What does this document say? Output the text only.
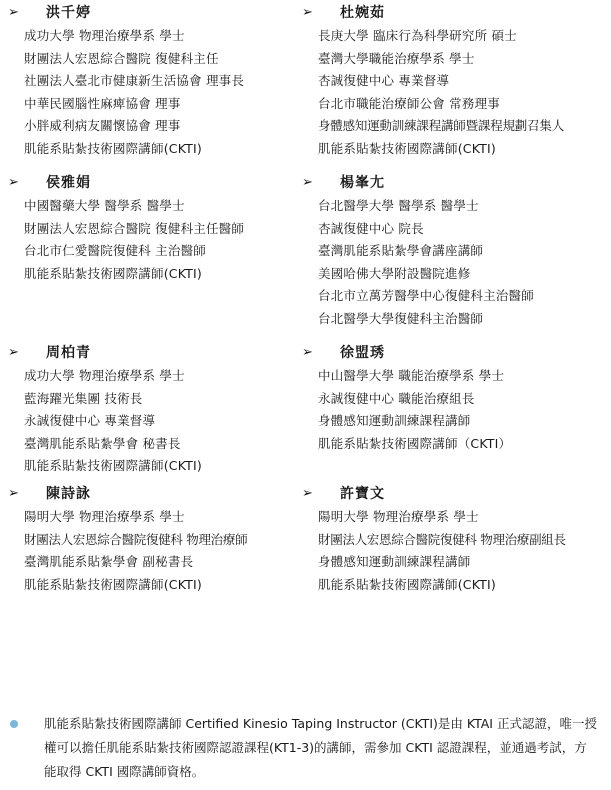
➢ 洪千婷
成功大學 物理治療學系 學士
財團法人宏恩綜合醫院 復健科主任
社團法人臺北市健康新生活協會 理事長
中華民國腦性麻痺協會 理事
小胖威利病友關懷協會 理事
肌能系貼紮技術國際講師(CKTI)
➢ 杜婉茹
長庚大學 臨床行為科學研究所 碩士
臺灣大學職能治療學系 學士
杏誠復健中心 專業督導
台北市職能治療師公會 常務理事
身體感知運動訓練課程講師暨課程規劃召集人
肌能系貼紮技術國際講師(CKTI)
➢ 侯雅娟
中國醫藥大學 醫學系 醫學士
財團法人宏恩綜合醫院 復健科主任醫師
台北市仁愛醫院復健科 主治醫師
肌能系貼紮技術國際講師(CKTI)
➢ 楊峯尢
台北醫學大學 醫學系 醫學士
杏誠復健中心 院長
臺灣肌能系貼紮學會講座講師
美國哈佛大學附設醫院進修
台北市立萬芳醫學中心復健科主治醫師
台北醫學大學復健科主治醫師
➢ 周柏青
成功大學 物理治療學系 學士
藍海躍光集團 技術長
永誠復健中心 專業督導
臺灣肌能系貼紮學會 秘書長
肌能系貼紮技術國際講師(CKTI)
➢ 徐盟琇
中山醫學大學 職能治療學系 學士
永誠復健中心 職能治療組長
身體感知運動訓練課程講師
肌能系貼紮技術國際講師（CKTI）
➢ 陳詩詠
陽明大學 物理治療學系 學士
財團法人宏恩綜合醫院復健科 物理治療師
臺灣肌能系貼紮學會 副秘書長
肌能系貼紮技術國際講師(CKTI)
➢ 許寶文
陽明大學 物理治療學系 學士
財團法人宏恩綜合醫院復健科 物理治療副組長
身體感知運動訓練課程講師
肌能系貼紮技術國際講師(CKTI)
肌能系貼紮技術國際講師 Certified Kinesio Taping Instructor (CKTI)是由 KTAI 正式認證，唯一授權可以擔任肌能系貼紮技術國際認證課程(KT1-3)的講師，需參加 CKTI 認證課程，並通過考試，方能取得 CKTI 國際講師資格。
